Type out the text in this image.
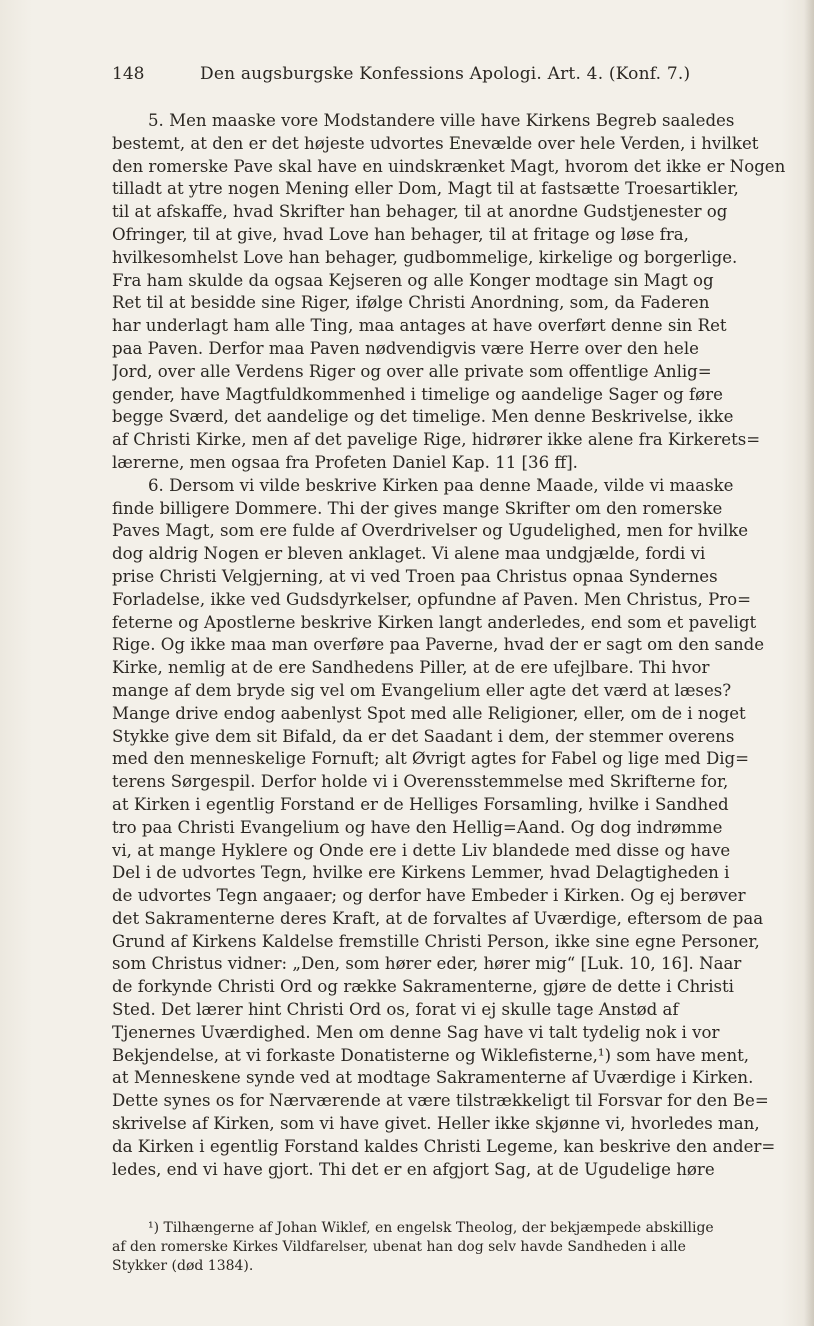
148	Den augsburgske Konfessions Apologi. Art. 4. (Konf. 7.)
5. Men maaske vore Modstandere ville have Kirkens Begreb saaledes
bestemt, at den er det højeste udvortes Enevælde over hele Verden, i hvilket
den romerske Pave skal have en uindskrænket Magt, hvorom det ikke er Nogen
tilladt at ytre nogen Mening eller Dom, Magt til at fastsætte Troesartikler,
til at afskaffe, hvad Skrifter han behager, til at anordne Gudstjenester og
Ofringer, til at give, hvad Love han behager, til at fritage og løse fra,
hvilkesomhelst Love han behager, gudbommelige, kirkelige og borgerlige.
Fra ham skulde da ogsaa Kejseren og alle Konger modtage sin Magt og
Ret til at besidde sine Riger, ifølge Christi Anordning, som, da Faderen
har underlagt ham alle Ting, maa antages at have overført denne sin Ret
paa Paven. Derfor maa Paven nødvendigvis være Herre over den hele
Jord, over alle Verdens Riger og over alle private som offentlige Anlig=
gender, have Magtfuldkommenhed i timelige og aandelige Sager og føre
begge Sværd, det aandelige og det timelige. Men denne Beskrivelse, ikke
af Christi Kirke, men af det pavelige Rige, hidrører ikke alene fra Kirkerets=
lærerne, men ogsaa fra Profeten Daniel Kap. 11 [36 ff].
6. Dersom vi vilde beskrive Kirken paa denne Maade, vilde vi maaske
finde billigere Dommere. Thi der gives mange Skrifter om den romerske
Paves Magt, som ere fulde af Overdrivelser og Ugudelighed, men for hvilke
dog aldrig Nogen er bleven anklaget. Vi alene maa undgjælde, fordi vi
prise Christi Velgjerning, at vi ved Troen paa Christus opnaa Syndernes
Forladelse, ikke ved Gudsdyrkelser, opfundne af Paven. Men Christus, Pro=
feterne og Apostlerne beskrive Kirken langt anderledes, end som et paveligt
Rige. Og ikke maa man overføre paa Paverne, hvad der er sagt om den sande
Kirke, nemlig at de ere Sandhedens Piller, at de ere ufejlbare. Thi hvor
mange af dem bryde sig vel om Evangelium eller agte det værd at læses?
Mange drive endog aabenlyst Spot med alle Religioner, eller, om de i noget
Stykke give dem sit Bifald, da er det Saadant i dem, der stemmer overens
med den menneskelige Fornuft; alt Øvrigt agtes for Fabel og lige med Dig=
terens Sørgespil. Derfor holde vi i Overensstemmelse med Skrifterne for,
at Kirken i egentlig Forstand er de Helliges Forsamling, hvilke i Sandhed
tro paa Christi Evangelium og have den Hellig=Aand. Og dog indrømme
vi, at mange Hyklere og Onde ere i dette Liv blandede med disse og have
Del i de udvortes Tegn, hvilke ere Kirkens Lemmer, hvad Delagtigheden i
de udvortes Tegn angaaer; og derfor have Embeder i Kirken. Og ej berøver
det Sakramenterne deres Kraft, at de forvaltes af Uværdige, eftersom de paa
Grund af Kirkens Kaldelse fremstille Christi Person, ikke sine egne Personer,
som Christus vidner: „Den, som hører eder, hører mig“ [Luk. 10, 16]. Naar
de forkynde Christi Ord og række Sakramenterne, gjøre de dette i Christi
Sted. Det lærer hint Christi Ord os, forat vi ej skulle tage Anstød af
Tjenernes Uværdighed. Men om denne Sag have vi talt tydelig nok i vor
Bekjendelse, at vi forkaste Donatisterne og Wiklefisterne,¹) som have ment,
at Menneskene synde ved at modtage Sakramenterne af Uværdige i Kirken.
Dette synes os for Nærværende at være tilstrækkeligt til Forsvar for den Be=
skrivelse af Kirken, som vi have givet. Heller ikke skjønne vi, hvorledes man,
da Kirken i egentlig Forstand kaldes Christi Legeme, kan beskrive den ander=
ledes, end vi have gjort. Thi det er en afgjort Sag, at de Ugudelige høre
¹) Tilhængerne af Johan Wiklef, en engelsk Theolog, der bekjæmpede abskillige
af den romerske Kirkes Vildfarelser, ubenat han dog selv havde Sandheden i alle
Stykker (død 1384).
